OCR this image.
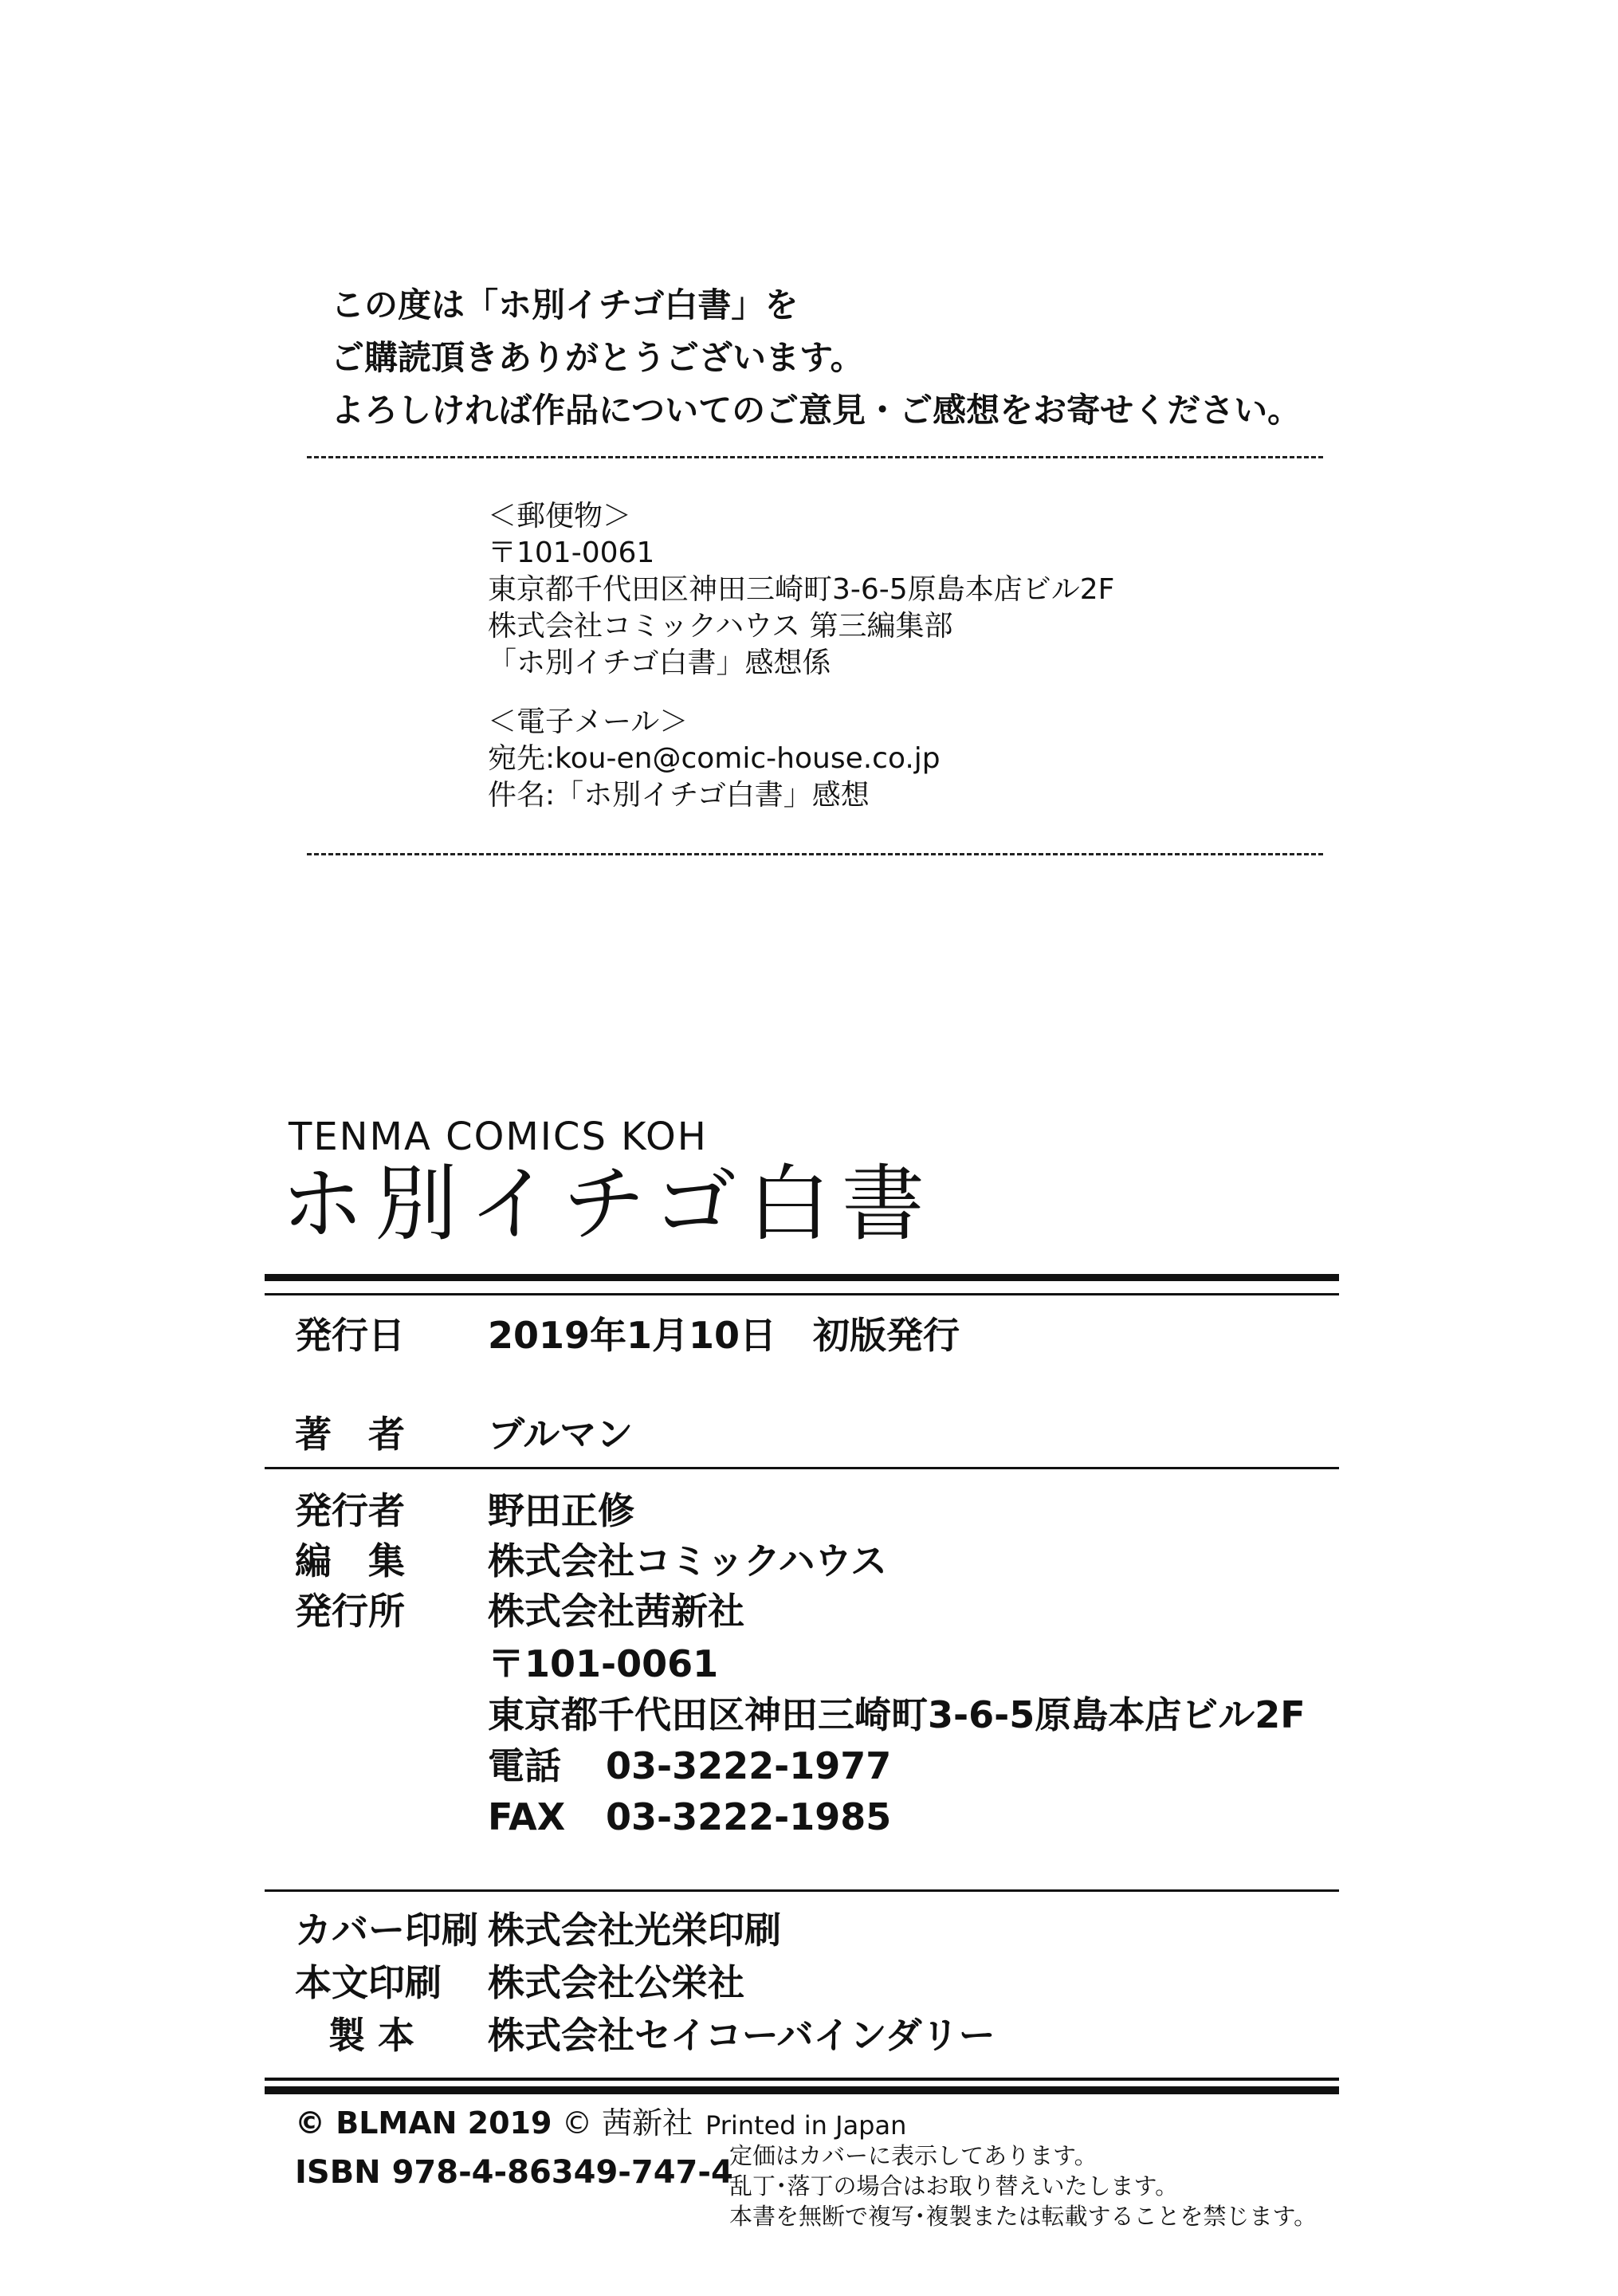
この度は「ホ別イチゴ白書」を
ご購読頂きありがとうございます。
よろしければ作品についてのご意見・ご感想をお寄せください。
＜郵便物＞
〒101-0061
東京都千代田区神田三崎町3-6-5原島本店ビル2F
株式会社コミックハウス 第三編集部
「ホ別イチゴ白書」感想係
＜電子メール＞
宛先:kou-en@comic-house.co.jp
件名:「ホ別イチゴ白書」感想
TENMA COMICS KOH
ホ別イチゴ白書
発行日 2019年1月10日　初版発行
著　者 ブルマン
発行者 野田正修
編　集 株式会社コミックハウス
発行所 株式会社茜新社
〒101-0061
東京都千代田区神田三崎町3-6-5原島本店ビル2F
電話 03-3222-1977
FAX 03-3222-1985
カバー印刷 株式会社光栄印刷
本文印刷 株式会社公栄社
製 本 株式会社セイコーバインダリー
© BLMAN 2019 © 茜新社 Printed in Japan
ISBN 978-4-86349-747-4
定価はカバーに表示してあります。
乱丁･落丁の場合はお取り替えいたします。
本書を無断で複写･複製または転載することを禁じます。
